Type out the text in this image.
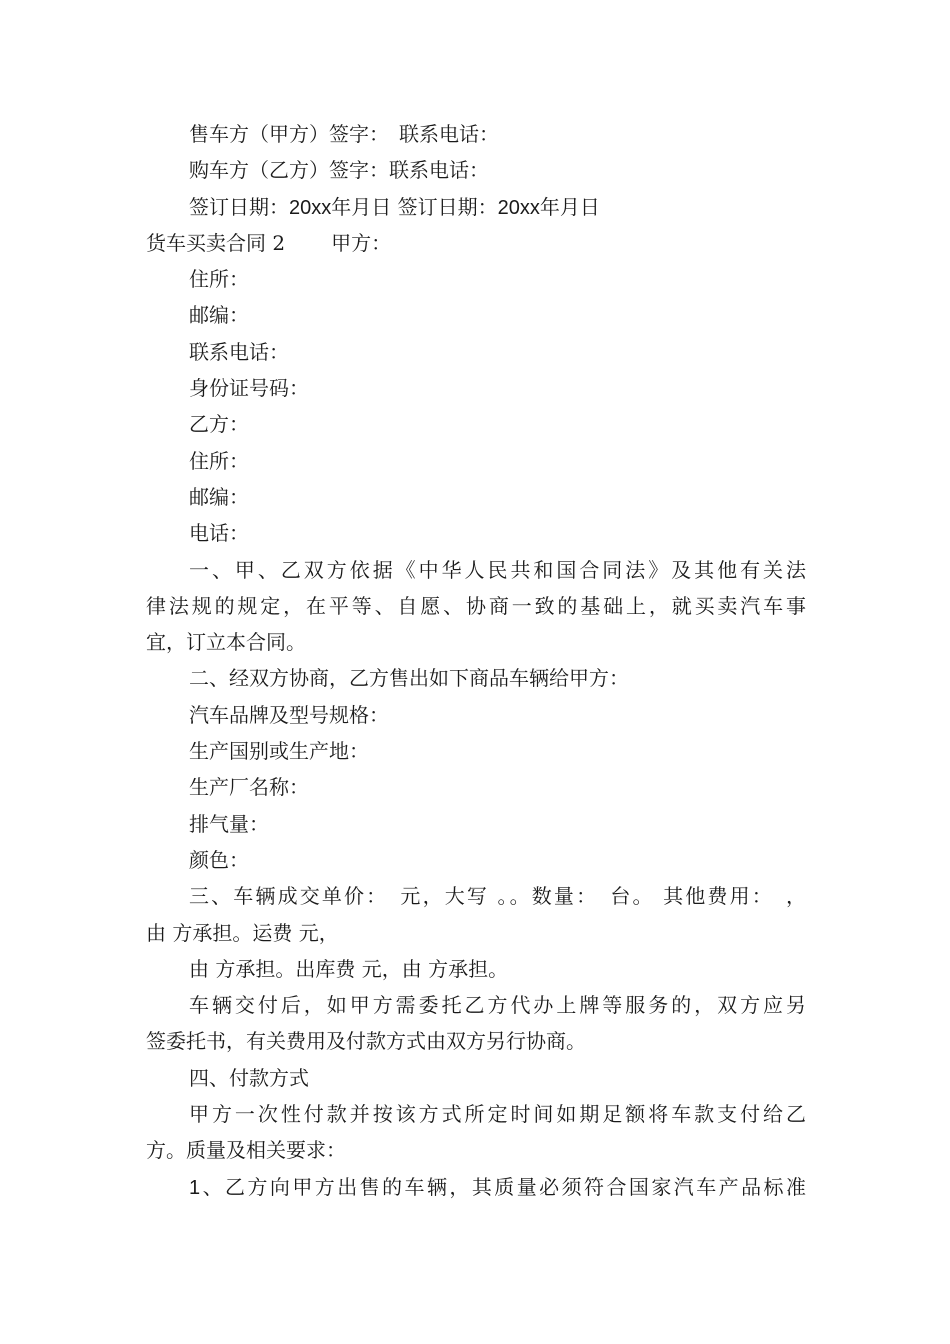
售车方（甲方）签字：　联系电话：

购车方（乙方）签字：联系电话：

签订日期：20xx年月日 签订日期：20xx年月日

货车买卖合同 2 甲方：

住所：

邮编：

联系电话：

身份证号码：

乙方：

住所：

邮编：

电话：

一、甲、乙双方依据《中华人民共和国合同法》及其他有关法

律法规的规定，在平等、自愿、协商一致的基础上，就买卖汽车事

宜，订立本合同。

二、经双方协商，乙方售出如下商品车辆给甲方：

汽车品牌及型号规格：

生产国别或生产地：

生产厂名称：

排气量：

颜色：

三、车辆成交单价：　元，大写 。。数量：　台。 其他费用：　，

由 方承担。运费 元，

由 方承担。出库费 元，由 方承担。

车辆交付后，如甲方需委托乙方代办上牌等服务的，双方应另

签委托书，有关费用及付款方式由双方另行协商。

四、付款方式

甲方一次性付款并按该方式所定时间如期足额将车款支付给乙

方。质量及相关要求：

1、乙方向甲方出售的车辆，其质量必须符合国家汽车产品标准
